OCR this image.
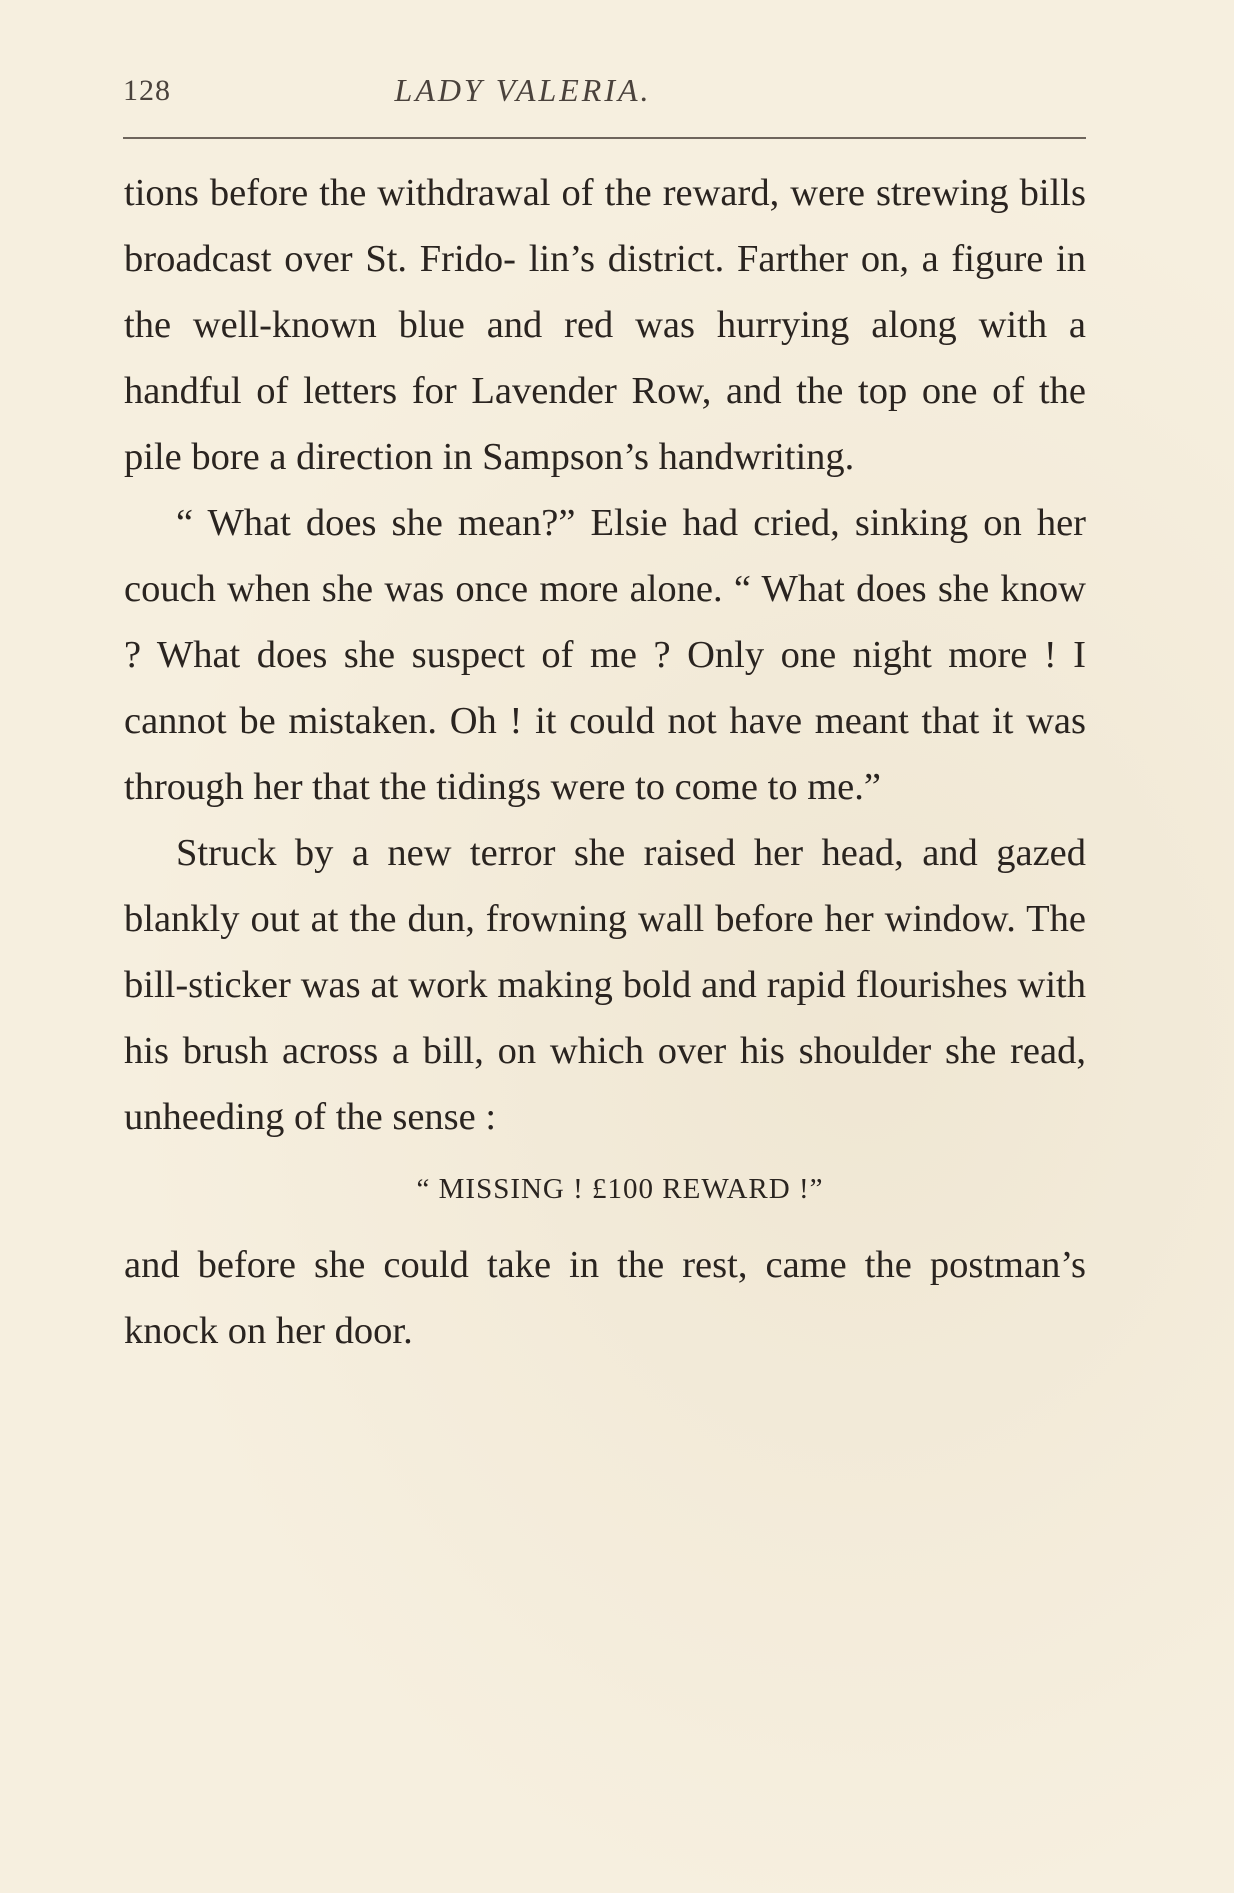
128	LADY VALERIA.

tions before the withdrawal of the reward, were strewing bills broadcast over St. Frido- lin’s district. Farther on, a figure in the well-known blue and red was hurrying along with a handful of letters for Lavender Row, and the top one of the pile bore a direction in Sampson’s handwriting.

“ What does she mean?” Elsie had cried, sinking on her couch when she was once more alone. “ What does she know ? What does she suspect of me ? Only one night more ! I cannot be mistaken. Oh ! it could not have meant that it was through her that the tidings were to come to me.”

Struck by a new terror she raised her head, and gazed blankly out at the dun, frowning wall before her window. The bill-sticker was at work making bold and rapid flourishes with his brush across a bill, on which over his shoulder she read, unheeding of the sense :

“ MISSING ! £100 REWARD !”

and before she could take in the rest, came the postman’s knock on her door.
